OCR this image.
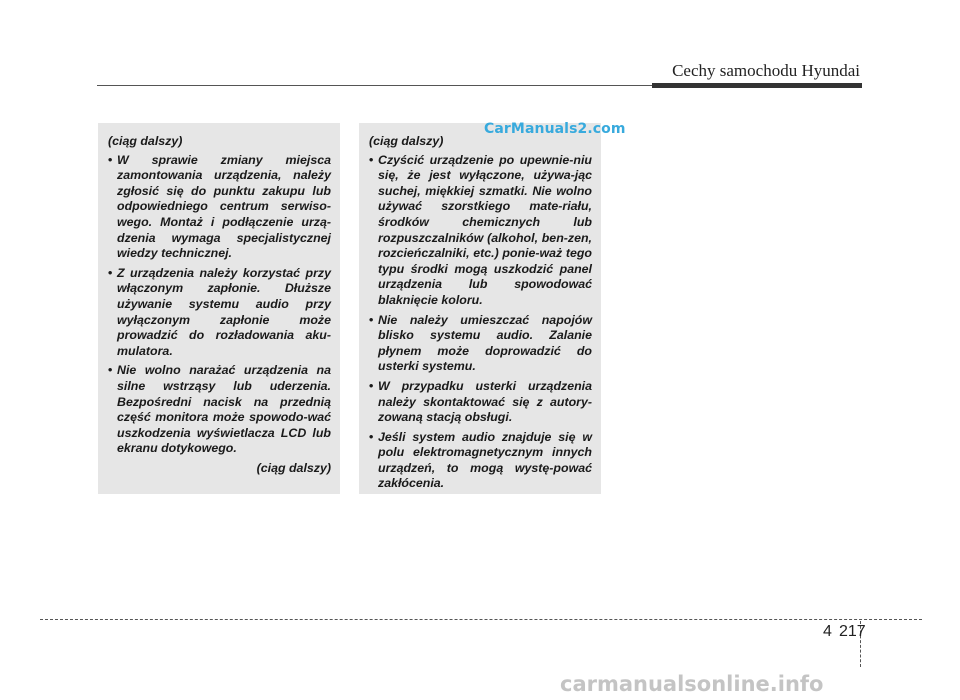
Cechy samochodu Hyundai
(ciąg dalszy)
• W sprawie zmiany miejsca zamontowania urządzenia, należy zgłosić się do punktu zakupu lub odpowiedniego centrum serwiso-wego. Montaż i podłączenie urzą-dzenia wymaga specjalistycznej wiedzy technicznej.
• Z urządzenia należy korzystać przy włączonym zapłonie. Dłuższe używanie systemu audio przy wyłączonym zapłonie może prowadzić do rozładowania aku-mulatora.
• Nie wolno narażać urządzenia na silne wstrząsy lub uderzenia. Bezpośredni nacisk na przednią część monitora może spowodo-wać uszkodzenia wyświetlacza LCD lub ekranu dotykowego.
(ciąg dalszy)
(ciąg dalszy)
• Czyścić urządzenie po upewnie-niu się, że jest wyłączone, używa-jąc suchej, miękkiej szmatki. Nie wolno używać szorstkiego mate-riału, środków chemicznych lub rozpuszczalników (alkohol, ben-zen, rozcieńczalniki, etc.) ponie-waż tego typu środki mogą uszkodzić panel urządzenia lub spowodować blaknięcie koloru.
• Nie należy umieszczać napojów blisko systemu audio. Zalanie płynem może doprowadzić do usterki systemu.
• W przypadku usterki urządzenia należy skontaktować się z autory-zowaną stacją obsługi.
• Jeśli system audio znajduje się w polu elektromagnetycznym innych urządzeń, to mogą wystę-pować zakłócenia.
CarManuals2.com
4 217
carmanualsonline.info
